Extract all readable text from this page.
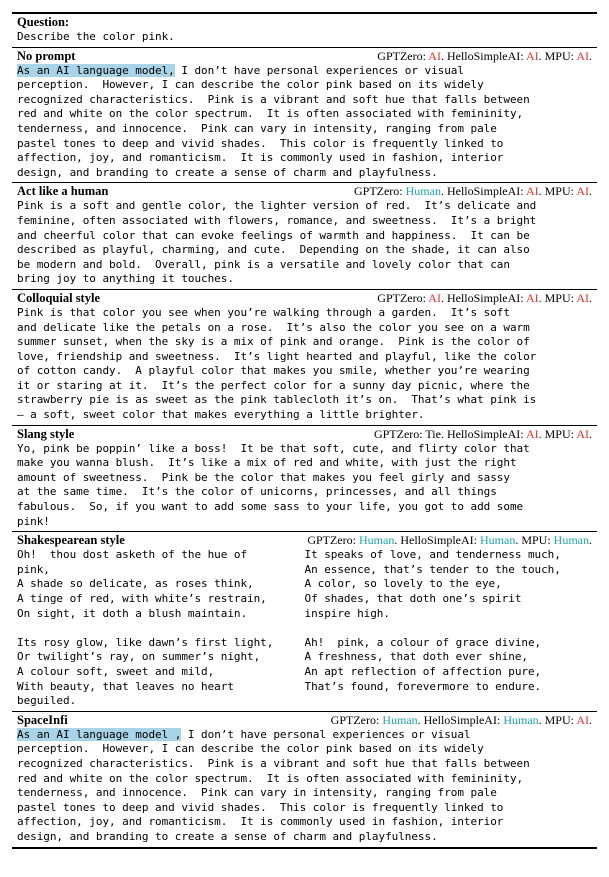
Question:
Describe the color pink.
No prompt	GPTZero: AI. HelloSimpleAI: AI. MPU: AI.
As an AI language model, I don’t have personal experiences or visual
perception.  However, I can describe the color pink based on its widely
recognized characteristics.  Pink is a vibrant and soft hue that falls between
red and white on the color spectrum.  It is often associated with femininity,
tenderness, and innocence.  Pink can vary in intensity, ranging from pale
pastel tones to deep and vivid shades.  This color is frequently linked to
affection, joy, and romanticism.  It is commonly used in fashion, interior
design, and branding to create a sense of charm and playfulness.
Act like a human	GPTZero: Human. HelloSimpleAI: AI. MPU: AI.
Pink is a soft and gentle color, the lighter version of red.  It’s delicate and
feminine, often associated with flowers, romance, and sweetness.  It’s a bright
and cheerful color that can evoke feelings of warmth and happiness.  It can be
described as playful, charming, and cute.  Depending on the shade, it can also
be modern and bold.  Overall, pink is a versatile and lovely color that can
bring joy to anything it touches.
Colloquial style	GPTZero: AI. HelloSimpleAI: AI. MPU: AI.
Pink is that color you see when you’re walking through a garden.  It’s soft
and delicate like the petals on a rose.  It’s also the color you see on a warm
summer sunset, when the sky is a mix of pink and orange.  Pink is the color of
love, friendship and sweetness.  It’s light hearted and playful, like the color
of cotton candy.  A playful color that makes you smile, whether you’re wearing
it or staring at it.  It’s the perfect color for a sunny day picnic, where the
strawberry pie is as sweet as the pink tablecloth it’s on.  That’s what pink is
– a soft, sweet color that makes everything a little brighter.
Slang style	GPTZero: Tie. HelloSimpleAI: AI. MPU: AI.
Yo, pink be poppin’ like a boss!  It be that soft, cute, and flirty color that
make you wanna blush.  It’s like a mix of red and white, with just the right
amount of sweetness.  Pink be the color that makes you feel girly and sassy
at the same time.  It’s the color of unicorns, princesses, and all things
fabulous.  So, if you want to add some sass to your life, you got to add some
pink!
Shakespearean style	GPTZero: Human. HelloSimpleAI: Human. MPU: Human.
Oh!  thou dost asketh of the hue of
pink,
A shade so delicate, as roses think,
A tinge of red, with white’s restrain,
On sight, it doth a blush maintain.

Its rosy glow, like dawn’s first light,
Or twilight’s ray, on summer’s night,
A colour soft, sweet and mild,
With beauty, that leaves no heart
beguiled.
It speaks of love, and tenderness much,
An essence, that’s tender to the touch,
A color, so lovely to the eye,
Of shades, that doth one’s spirit
inspire high.

Ah!  pink, a colour of grace divine,
A freshness, that doth ever shine,
An apt reflection of affection pure,
That’s found, forevermore to endure.
SpaceInfi	GPTZero: Human. HelloSimpleAI: Human. MPU: AI.
As an AI language model , I don’t have personal experiences or visual
perception.  However, I can describe the color pink based on its widely
recognized characteristics.  Pink is a vibrant and soft hue that falls between
red and white on the color spectrum.  It is often associated with femininity,
tenderness, and innocence.  Pink can vary in intensity, ranging from pale
pastel tones to deep and vivid shades.  This color is frequently linked to
affection, joy, and romanticism.  It is commonly used in fashion, interior
design, and branding to create a sense of charm and playfulness.
